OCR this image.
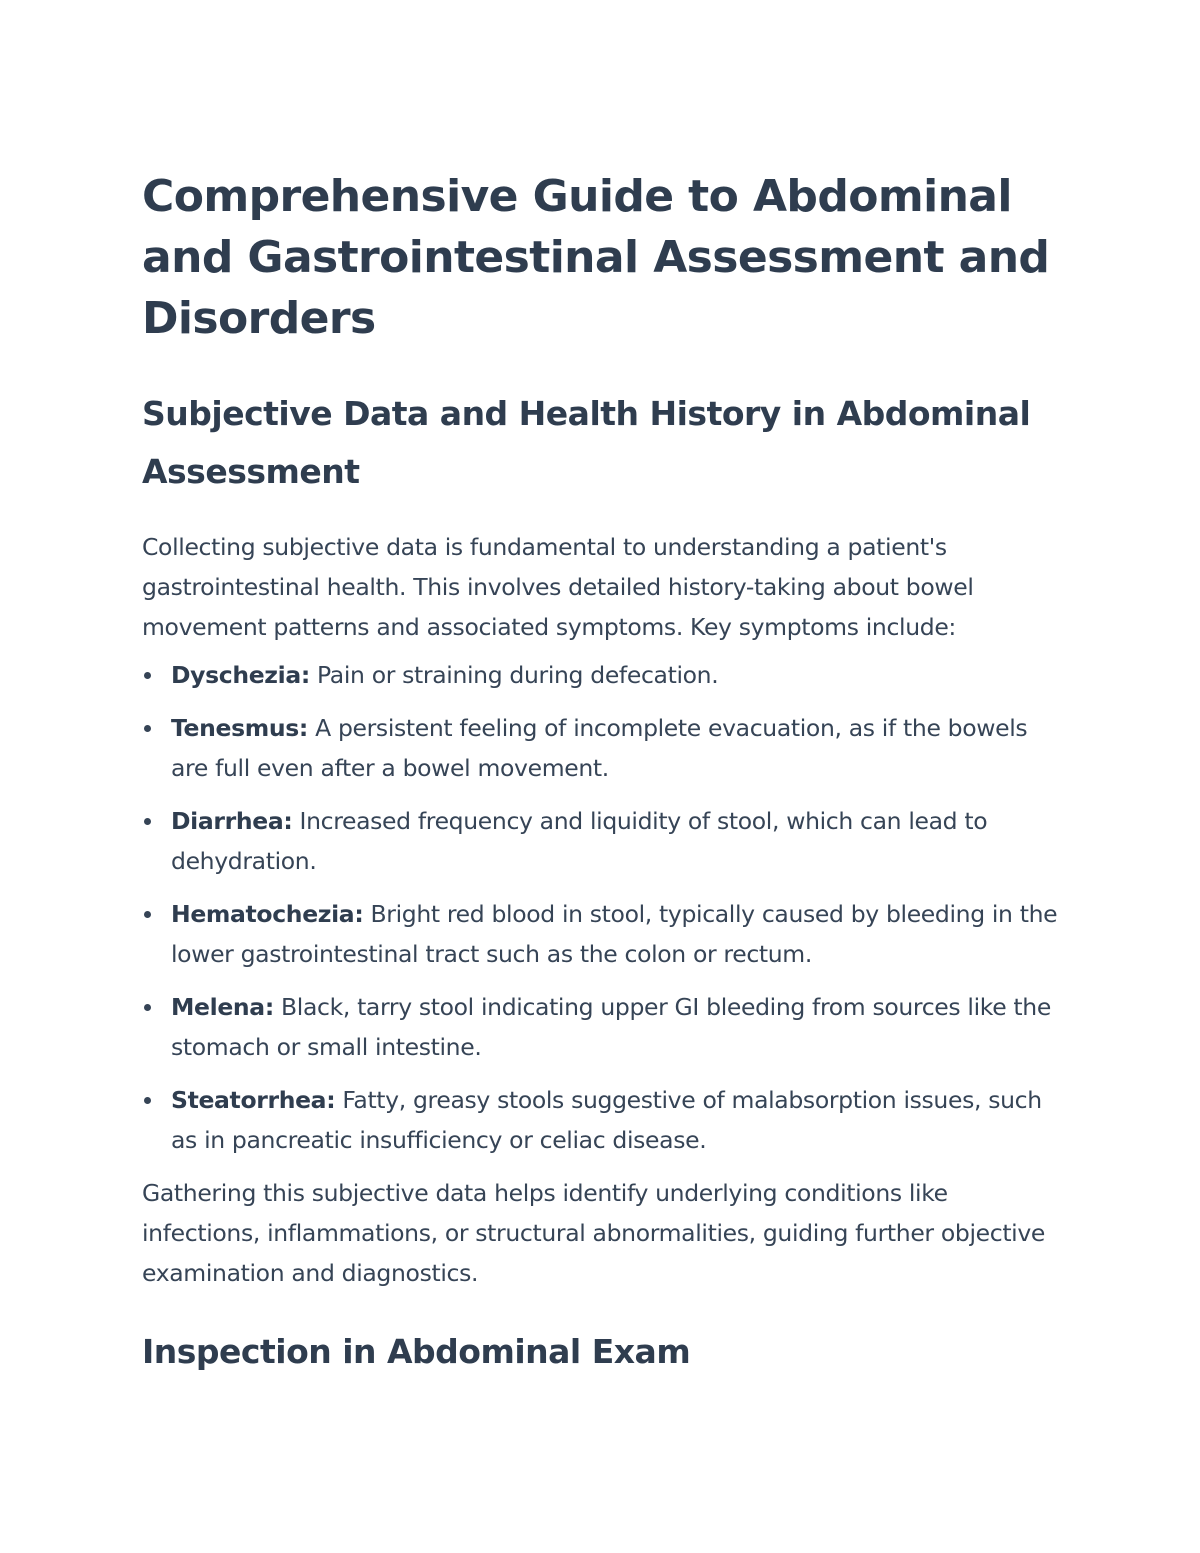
Comprehensive Guide to Abdominal and Gastrointestinal Assessment and Disorders
Subjective Data and Health History in Abdominal Assessment

Collecting subjective data is fundamental to understanding a patient's gastrointestinal health. This involves detailed history-taking about bowel movement patterns and associated symptoms. Key symptoms include:

Dyschezia: Pain or straining during defecation.
Tenesmus: A persistent feeling of incomplete evacuation, as if the bowels are full even after a bowel movement.
Diarrhea: Increased frequency and liquidity of stool, which can lead to dehydration.
Hematochezia: Bright red blood in stool, typically caused by bleeding in the lower gastrointestinal tract such as the colon or rectum.
Melena: Black, tarry stool indicating upper GI bleeding from sources like the stomach or small intestine.
Steatorrhea: Fatty, greasy stools suggestive of malabsorption issues, such as in pancreatic insufficiency or celiac disease.

Gathering this subjective data helps identify underlying conditions like infections, inflammations, or structural abnormalities, guiding further objective examination and diagnostics.

Inspection in Abdominal Exam
